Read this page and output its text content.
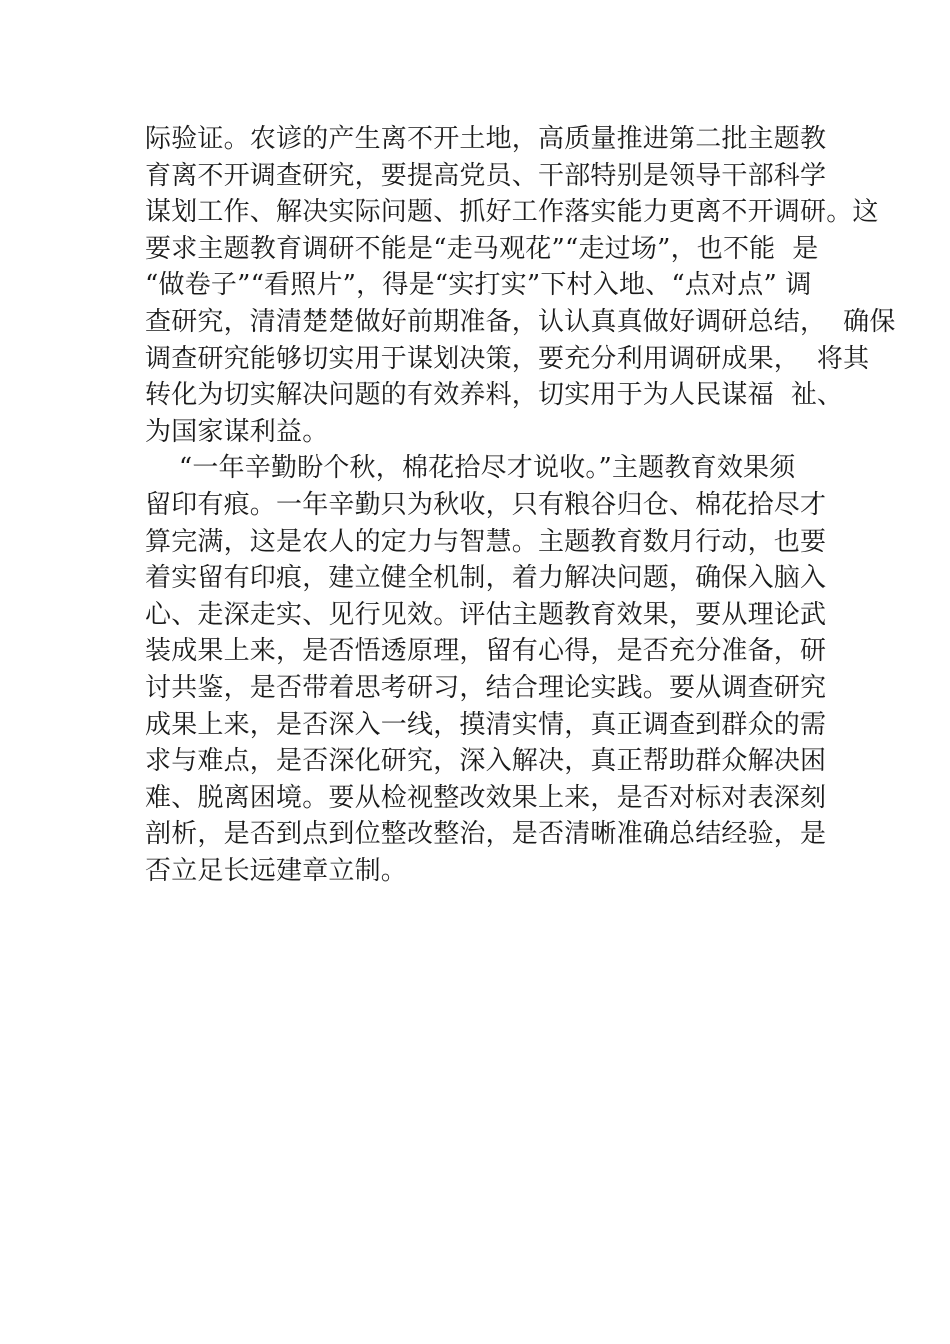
际验证。农谚的产生离不开土地，高质量推进第二批主题教
育离不开调查研究，要提高党员、干部特别是领导干部科学
谋划工作、解决实际问题、抓好工作落实能力更离不开调研。这
要求主题教育调研不能是“走马观花”“走过场”，也不能  是
“做卷子”“看照片”，得是“实打实”下村入地、“点对点” 调
查研究，清清楚楚做好前期准备，认认真真做好调研总结，  确保
调查研究能够切实用于谋划决策，要充分利用调研成果，  将其
转化为切实解决问题的有效养料，切实用于为人民谋福  祉、
为国家谋利益。
“一年辛勤盼个秋，棉花拾尽才说收。”主题教育效果须
留印有痕。一年辛勤只为秋收，只有粮谷归仓、棉花拾尽才
算完满，这是农人的定力与智慧。主题教育数月行动，也要
着实留有印痕，建立健全机制，着力解决问题，确保入脑入
心、走深走实、见行见效。评估主题教育效果，要从理论武
装成果上来，是否悟透原理，留有心得，是否充分准备，研
讨共鉴，是否带着思考研习，结合理论实践。要从调查研究
成果上来，是否深入一线，摸清实情，真正调查到群众的需
求与难点，是否深化研究，深入解决，真正帮助群众解决困
难、脱离困境。要从检视整改效果上来，是否对标对表深刻
剖析，是否到点到位整改整治，是否清晰准确总结经验，是
否立足长远建章立制。
